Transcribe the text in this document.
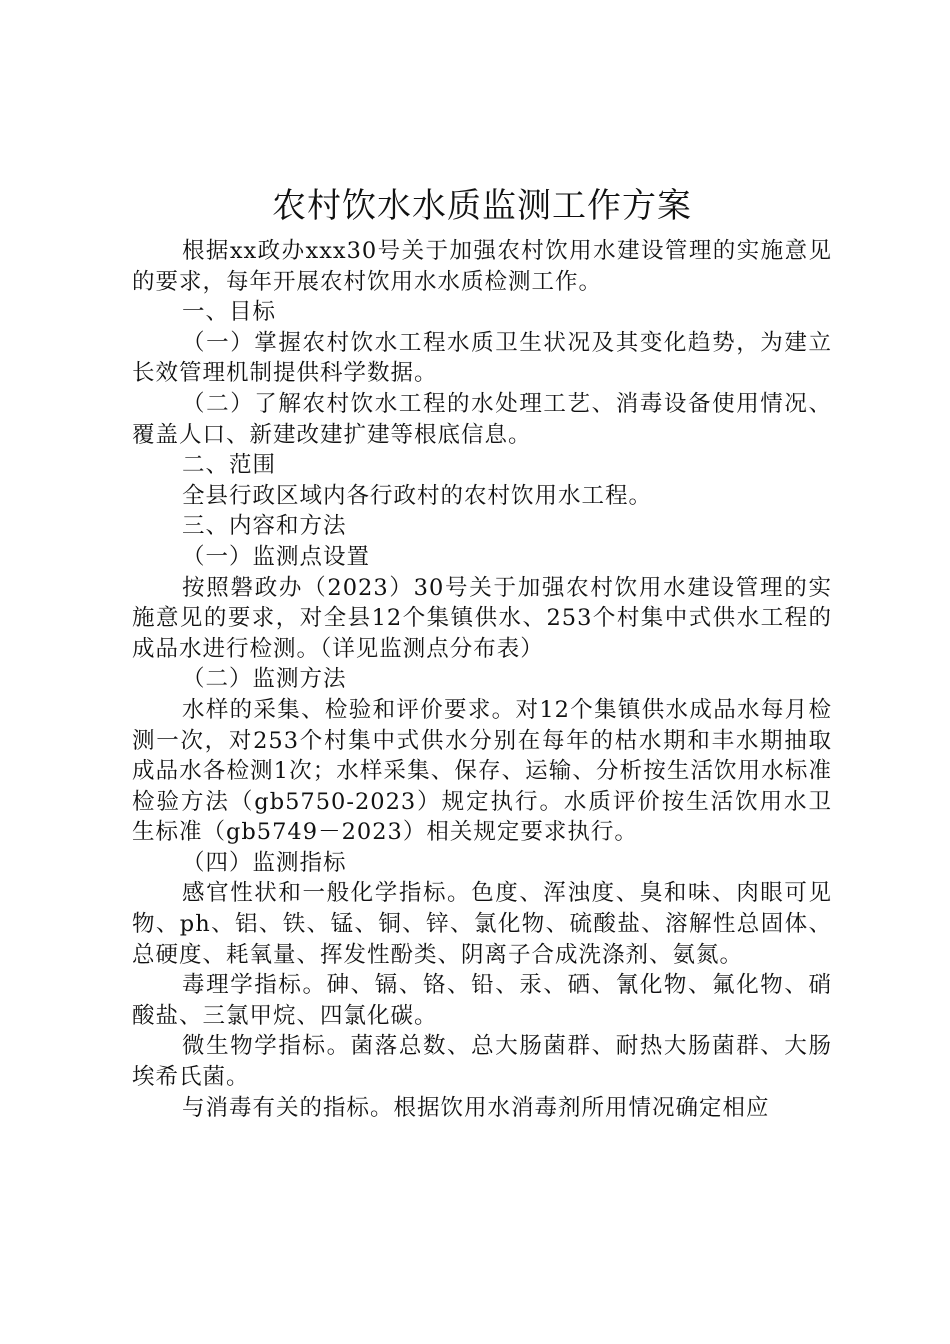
农村饮水水质监测工作方案

根据xx政办xxx30号关于加强农村饮用水建设管理的实施意见的要求，每年开展农村饮用水水质检测工作。

一、目标

（一）掌握农村饮水工程水质卫生状况及其变化趋势，为建立长效管理机制提供科学数据。

（二）了解农村饮水工程的水处理工艺、消毒设备使用情况、覆盖人口、新建改建扩建等根底信息。

二、范围

全县行政区域内各行政村的农村饮用水工程。

三、内容和方法

（一）监测点设置

按照磐政办（2023）30号关于加强农村饮用水建设管理的实施意见的要求，对全县12个集镇供水、253个村集中式供水工程的成品水进行检测。（详见监测点分布表）

（二）监测方法

水样的采集、检验和评价要求。对12个集镇供水成品水每月检测一次，对253个村集中式供水分别在每年的枯水期和丰水期抽取成品水各检测1次；水样采集、保存、运输、分析按生活饮用水标准检验方法（gb5750-2023）规定执行。水质评价按生活饮用水卫生标准（gb5749－2023）相关规定要求执行。

（四）监测指标

感官性状和一般化学指标。色度、浑浊度、臭和味、肉眼可见物、ph、铝、铁、锰、铜、锌、氯化物、硫酸盐、溶解性总固体、总硬度、耗氧量、挥发性酚类、阴离子合成洗涤剂、氨氮。

毒理学指标。砷、镉、铬、铅、汞、硒、氰化物、氟化物、硝酸盐、三氯甲烷、四氯化碳。

微生物学指标。菌落总数、总大肠菌群、耐热大肠菌群、大肠埃希氏菌。

与消毒有关的指标。根据饮用水消毒剂所用情况确定相应
